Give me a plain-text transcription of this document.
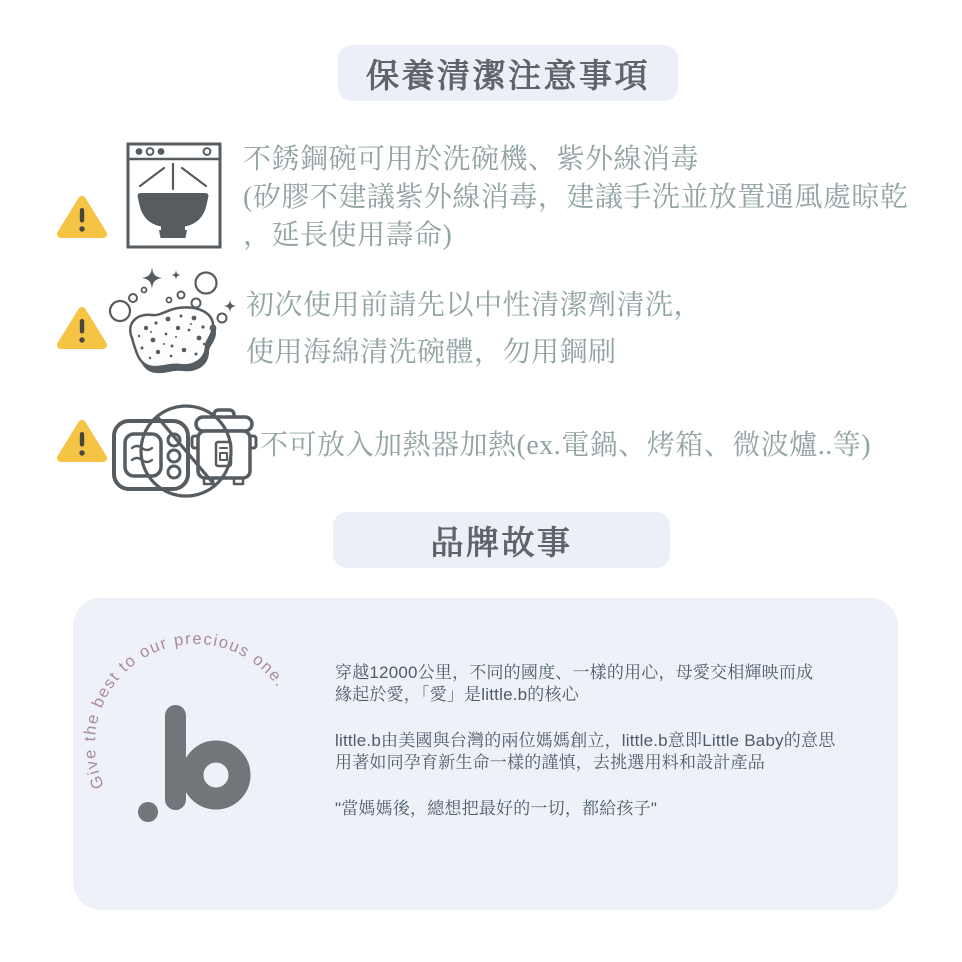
保養清潔注意事項
不銹鋼碗可用於洗碗機、紫外線消毒
(矽膠不建議紫外線消毒，建議手洗並放置通風處晾乾
，延長使用壽命)
初次使用前請先以中性清潔劑清洗，
使用海綿清洗碗體，勿用鋼刷
不可放入加熱器加熱(ex.電鍋、烤箱、微波爐..等)
品牌故事
Give the best to our precious one.

穿越12000公里，不同的國度、一樣的用心，母愛交相輝映而成
緣起於愛，「愛」是little.b的核心

little.b由美國與台灣的兩位媽媽創立，little.b意即Little Baby的意思
用著如同孕育新生命一樣的謹慎，去挑選用料和設計產品

"當媽媽後，總想把最好的一切，都給孩子"
